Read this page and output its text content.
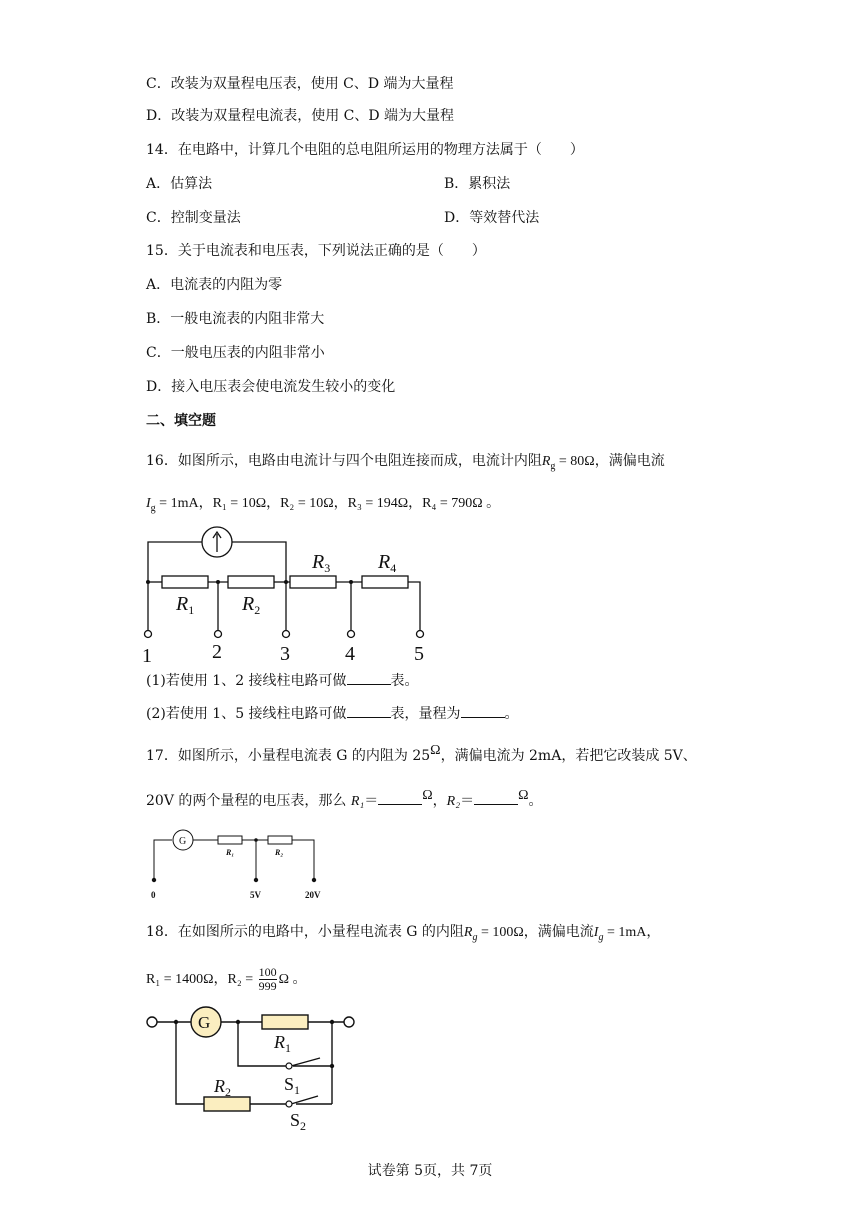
C．改装为双量程电压表，使用 C、D 端为大量程
D．改装为双量程电流表，使用 C、D 端为大量程
14．在电路中，计算几个电阻的总电阻所运用的物理方法属于（　　）
A．估算法	B．累积法
C．控制变量法	D．等效替代法
15．关于电流表和电压表，下列说法正确的是（　　）
A．电流表的内阻为零
B．一般电流表的内阻非常大
C．一般电压表的内阻非常小
D．接入电压表会使电流发生较小的变化
二、填空题
16．如图所示，电路由电流计与四个电阻连接而成，电流计内阻$R_g = 80\Omega$，满偏电流
$I_g = 1mA$，R₁ = 10Ω，R₂ = 10Ω，R₃ = 194Ω，R₄ = 790Ω 。
$R_1$ $R_2$
$R_3$ $R_4$
1	2	3	4	5
(1)若使用 1、2 接线柱电路可做	表。
(2)若使用 1、5 接线柱电路可做	表，量程为	。
17．如图所示，小量程电流表 G 的内阻为 25Ω，满偏电流为 2mA，若把它改装成 5V、
20V 的两个量程的电压表，那么 R₁＝	Ω，R₂＝	Ω。
G
R₁	R₂
0	5V	20V
18．在如图所示的电路中，小量程电流表 G 的内阻$R_g = 100\Omega$，满偏电流$I_g = 1mA$，
R₁ = 1400Ω，$R_2 = \frac{100}{999}$ Ω 。
G
$R_1$
$S_1$
$R_2$
$S_2$
试卷第 5页，共 7页
